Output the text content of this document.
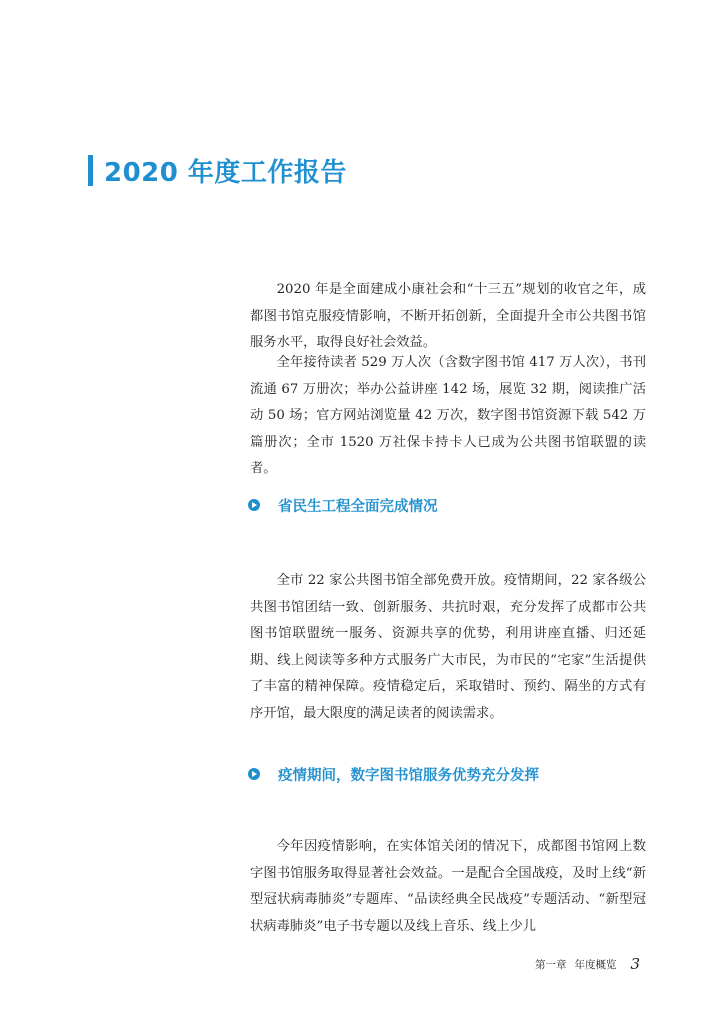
2020 年度工作报告

2020 年是全面建成小康社会和“十三五”规划的收官之年，成都图书馆克服疫情影响，不断开拓创新，全面提升全市公共图书馆服务水平，取得良好社会效益。

全年接待读者 529 万人次（含数字图书馆 417 万人次），书刊流通 67 万册次；举办公益讲座 142 场，展览 32 期，阅读推广活动 50 场；官方网站浏览量 42 万次，数字图书馆资源下载 542 万篇册次；全市 1520 万社保卡持卡人已成为公共图书馆联盟的读者。

省民生工程全面完成情况

全市 22 家公共图书馆全部免费开放。疫情期间，22 家各级公共图书馆团结一致、创新服务、共抗时艰，充分发挥了成都市公共图书馆联盟统一服务、资源共享的优势，利用讲座直播、归还延期、线上阅读等多种方式服务广大市民，为市民的“宅家”生活提供了丰富的精神保障。疫情稳定后，采取错时、预约、隔坐的方式有序开馆，最大限度的满足读者的阅读需求。

疫情期间，数字图书馆服务优势充分发挥

今年因疫情影响，在实体馆关闭的情况下，成都图书馆网上数字图书馆服务取得显著社会效益。一是配合全国战疫，及时上线“新型冠状病毒肺炎”专题库、“品读经典全民战疫”专题活动、“新型冠状病毒肺炎”电子书专题以及线上音乐、线上少儿

第一章 年度概览 3
